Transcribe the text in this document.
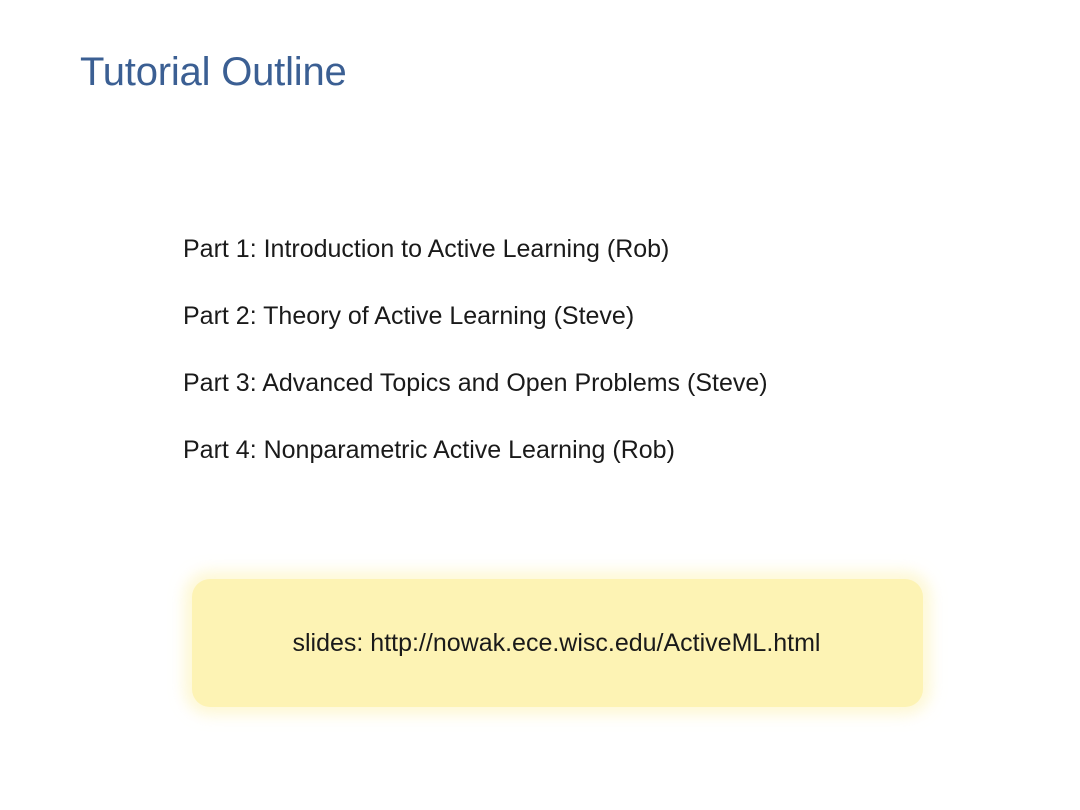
Tutorial Outline
Part 1: Introduction to Active Learning (Rob)
Part 2: Theory of Active Learning (Steve)
Part 3: Advanced Topics and Open Problems (Steve)
Part 4: Nonparametric Active Learning (Rob)
slides: http://nowak.ece.wisc.edu/ActiveML.html
